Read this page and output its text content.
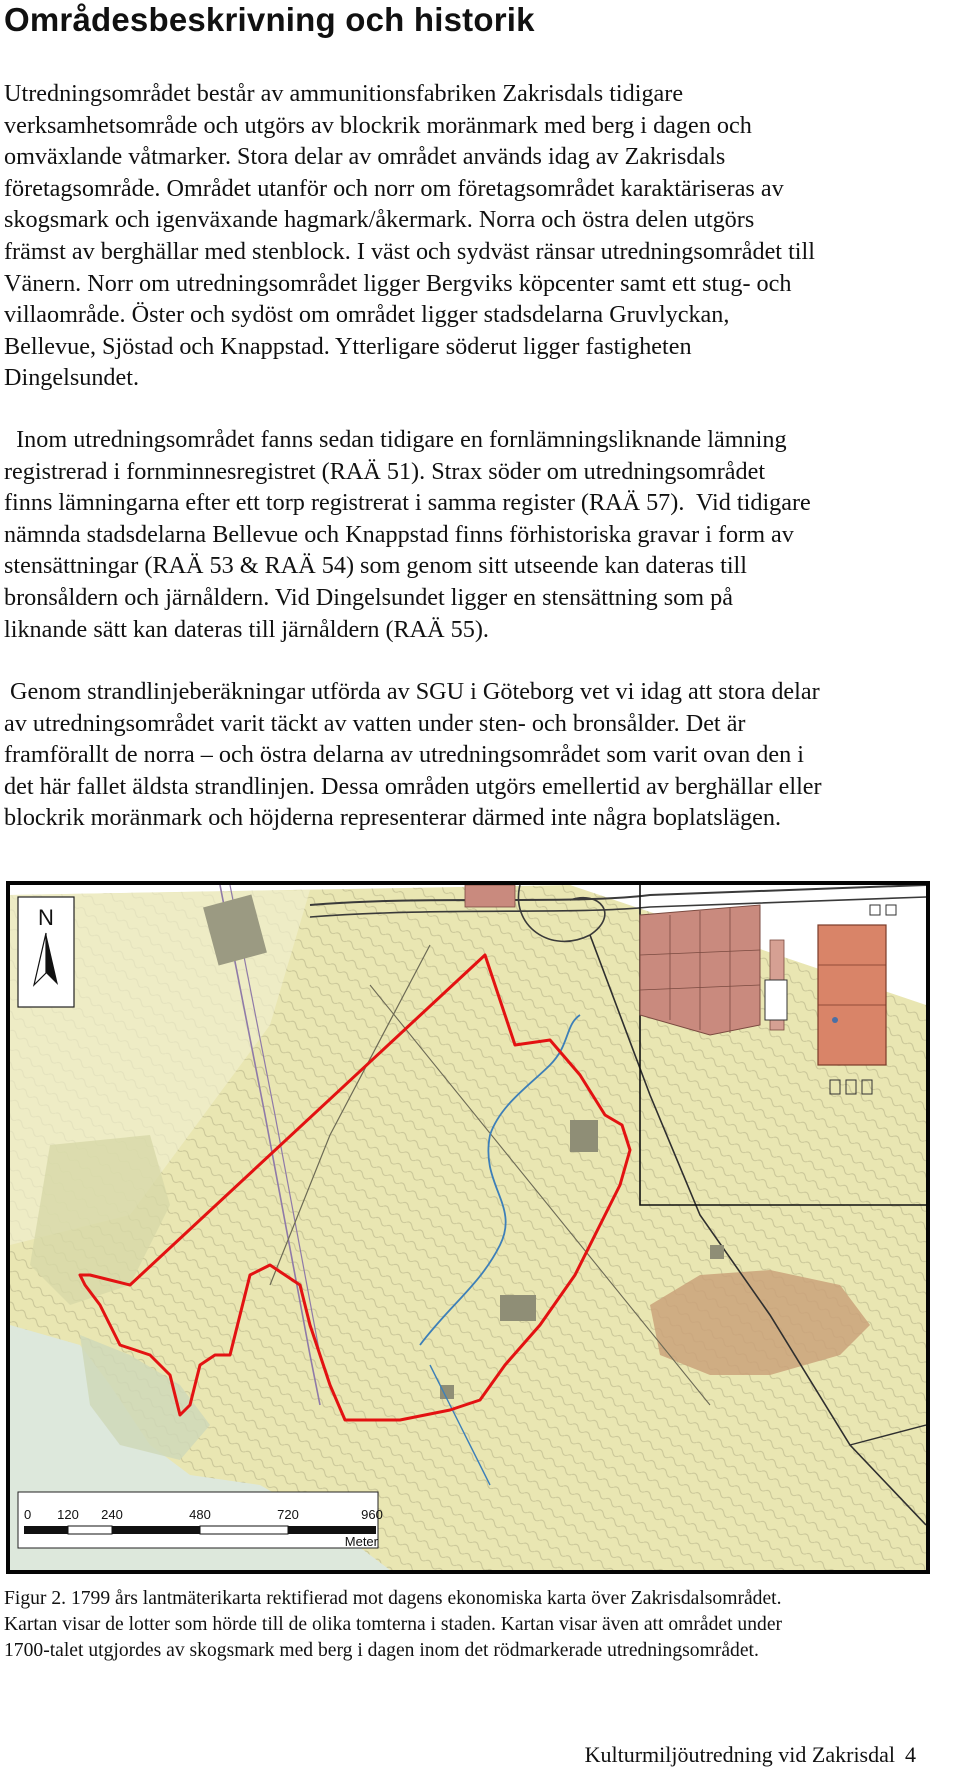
Områdesbeskrivning och historik
Utredningsområdet består av ammunitionsfabriken Zakrisdals tidigare
verksamhetsområde och utgörs av blockrik moränmark med berg i dagen och
omväxlande våtmarker. Stora delar av området används idag av Zakrisdals
företagsområde. Området utanför och norr om företagsområdet karaktäriseras av
skogsmark och igenväxande hagmark/åkermark. Norra och östra delen utgörs
främst av berghällar med stenblock. I väst och sydväst ränsar utredningsområdet till
Vänern. Norr om utredningsområdet ligger Bergviks köpcenter samt ett stug- och
villaområde. Öster och sydöst om området ligger stadsdelarna Gruvlyckan,
Bellevue, Sjöstad och Knappstad. Ytterligare söderut ligger fastigheten
Dingelsundet.
Inom utredningsområdet fanns sedan tidigare en fornlämningsliknande lämning
registrerad i fornminnesregistret (RAÄ 51). Strax söder om utredningsområdet
finns lämningarna efter ett torp registrerat i samma register (RAÄ 57).  Vid tidigare
nämnda stadsdelarna Bellevue och Knappstad finns förhistoriska gravar i form av
stensättningar (RAÄ 53 & RAÄ 54) som genom sitt utseende kan dateras till
bronsåldern och järnåldern. Vid Dingelsundet ligger en stensättning som på
liknande sätt kan dateras till järnåldern (RAÄ 55).
Genom strandlinjeberäkningar utförda av SGU i Göteborg vet vi idag att stora delar
av utredningsområdet varit täckt av vatten under sten- och bronsålder. Det är
framförallt de norra – och östra delarna av utredningsområdet som varit ovan den i
det här fallet äldsta strandlinjen. Dessa områden utgörs emellertid av berghällar eller
blockrik moränmark och höjderna representerar därmed inte några boplatslägen.
N
0 120 240	480	720	960
Meter
Figur 2. 1799 års lantmäterikarta rektifierad mot dagens ekonomiska karta över Zakrisdalsområdet.
Kartan visar de lotter som hörde till de olika tomterna i staden. Kartan visar även att området under
1700-talet utgjordes av skogsmark med berg i dagen inom det rödmarkerade utredningsområdet.
Kulturmiljöutredning vid Zakrisdal 4
